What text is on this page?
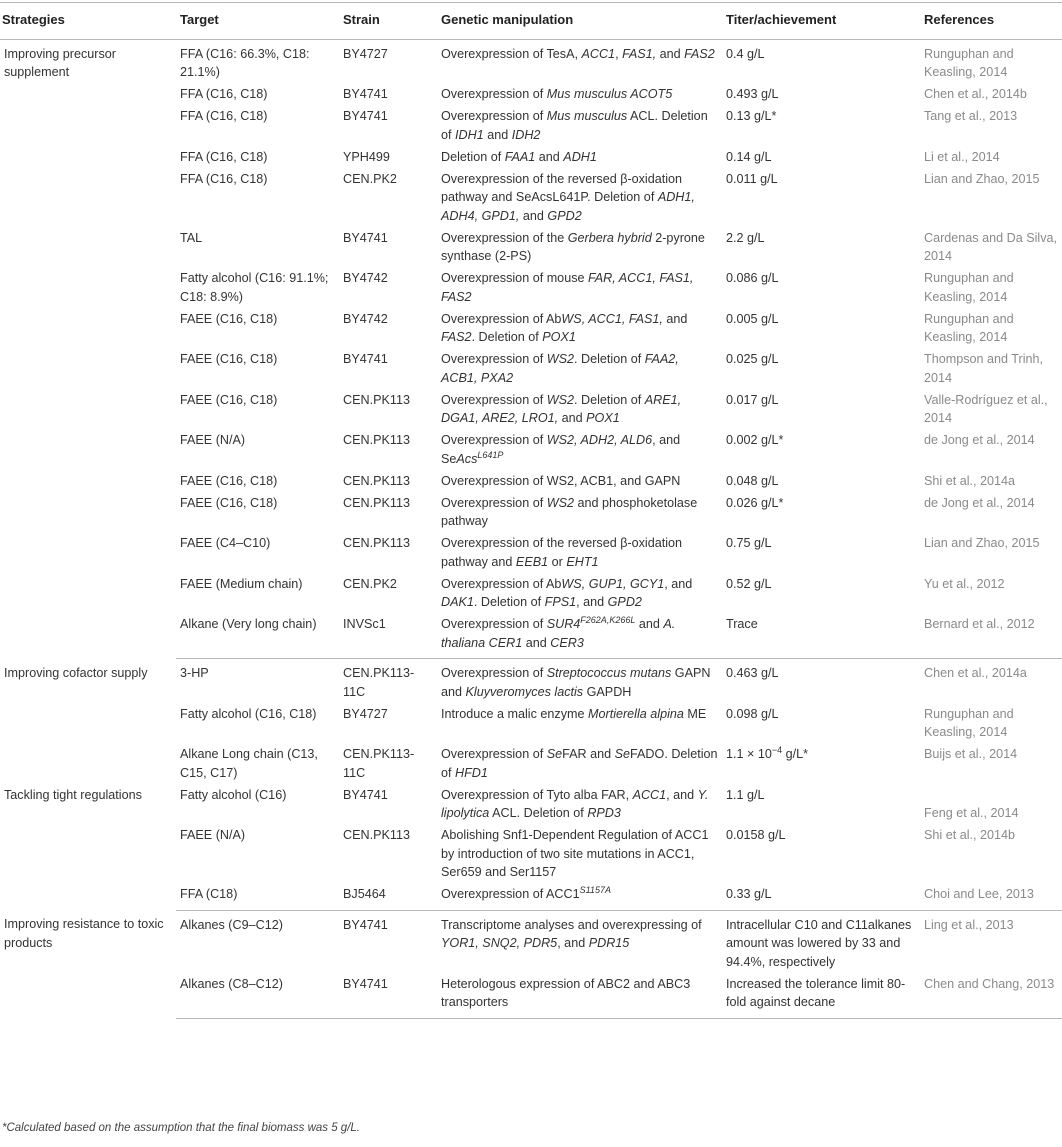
Strategies	Target	Strain	Genetic manipulation	Titer/achievement	References
Improving precursor supplement	FFA (C16: 66.3%, C18: 21.1%)	BY4727	Overexpression of TesA, ACC1, FAS1, and FAS2	0.4 g/L	Runguphan and Keasling, 2014
	FFA (C16, C18)	BY4741	Overexpression of Mus musculus ACOT5	0.493 g/L	Chen et al., 2014b
	FFA (C16, C18)	BY4741	Overexpression of Mus musculus ACL. Deletion of IDH1 and IDH2	0.13 g/L*	Tang et al., 2013
	FFA (C16, C18)	YPH499	Deletion of FAA1 and ADH1	0.14 g/L	Li et al., 2014
	FFA (C16, C18)	CEN.PK2	Overexpression of the reversed β-oxidation pathway and SeAcsL641P. Deletion of ADH1, ADH4, GPD1, and GPD2	0.011 g/L	Lian and Zhao, 2015
	TAL	BY4741	Overexpression of the Gerbera hybrid 2-pyrone synthase (2-PS)	2.2 g/L	Cardenas and Da Silva, 2014
	Fatty alcohol (C16: 91.1%; C18: 8.9%)	BY4742	Overexpression of mouse FAR, ACC1, FAS1, FAS2	0.086 g/L	Runguphan and Keasling, 2014
	FAEE (C16, C18)	BY4742	Overexpression of AbWS, ACC1, FAS1, and FAS2. Deletion of POX1	0.005 g/L	Runguphan and Keasling, 2014
	FAEE (C16, C18)	BY4741	Overexpression of WS2. Deletion of FAA2, ACB1, PXA2	0.025 g/L	Thompson and Trinh, 2014
	FAEE (C16, C18)	CEN.PK113	Overexpression of WS2. Deletion of ARE1, DGA1, ARE2, LRO1, and POX1	0.017 g/L	Valle-Rodríguez et al., 2014
	FAEE (N/A)	CEN.PK113	Overexpression of WS2, ADH2, ALD6, and SeAcs$^{L641P}$	0.002 g/L*	de Jong et al., 2014
	FAEE (C16, C18)	CEN.PK113	Overexpression of WS2, ACB1, and GAPN	0.048 g/L	Shi et al., 2014a
	FAEE (C16, C18)	CEN.PK113	Overexpression of WS2 and phosphoketolase pathway	0.026 g/L*	de Jong et al., 2014
	FAEE (C4–C10)	CEN.PK113	Overexpression of the reversed β-oxidation pathway and EEB1 or EHT1	0.75 g/L	Lian and Zhao, 2015
	FAEE (Medium chain)	CEN.PK2	Overexpression of AbWS, GUP1, GCY1, and DAK1. Deletion of FPS1, and GPD2	0.52 g/L	Yu et al., 2012
	Alkane (Very long chain)	INVSc1	Overexpression of $SUR4^{F262A,K266L}$ and A. thaliana CER1 and CER3	Trace	Bernard et al., 2012
Improving cofactor supply	3-HP	CEN.PK113-11C	Overexpression of Streptococcus mutans GAPN and Kluyveromyces lactis GAPDH	0.463 g/L	Chen et al., 2014a
	Fatty alcohol (C16, C18)	BY4727	Introduce a malic enzyme Mortierella alpina ME	0.098 g/L	Runguphan and Keasling, 2014
	Alkane Long chain (C13, C15, C17)	CEN.PK113-11C	Overexpression of SeFAR and SeFADO. Deletion of HFD1	$1.1 \times 10^{-4}$ g/L*	Buijs et al., 2014
Tackling tight regulations	Fatty alcohol (C16)	BY4741	Overexpression of Tyto alba FAR, ACC1, and Y. lipolytica ACL. Deletion of RPD3	1.1 g/L	Feng et al., 2014
	FAEE (N/A)	CEN.PK113	Abolishing Snf1-Dependent Regulation of ACC1 by introduction of two site mutations in ACC1, Ser659 and Ser1157	0.0158 g/L	Shi et al., 2014b
	FFA (C18)	BJ5464	Overexpression of $ACC1^{S1157A}$	0.33 g/L	Choi and Lee, 2013
Improving resistance to toxic products	Alkanes (C9–C12)	BY4741	Transcriptome analyses and overexpressing of YOR1, SNQ2, PDR5, and PDR15	Intracellular C10 and C11alkanes amount was lowered by 33 and 94.4%, respectively	Ling et al., 2013
	Alkanes (C8–C12)	BY4741	Heterologous expression of ABC2 and ABC3 transporters	Increased the tolerance limit 80-fold against decane	Chen and Chang, 2013
*Calculated based on the assumption that the final biomass was 5 g/L.
